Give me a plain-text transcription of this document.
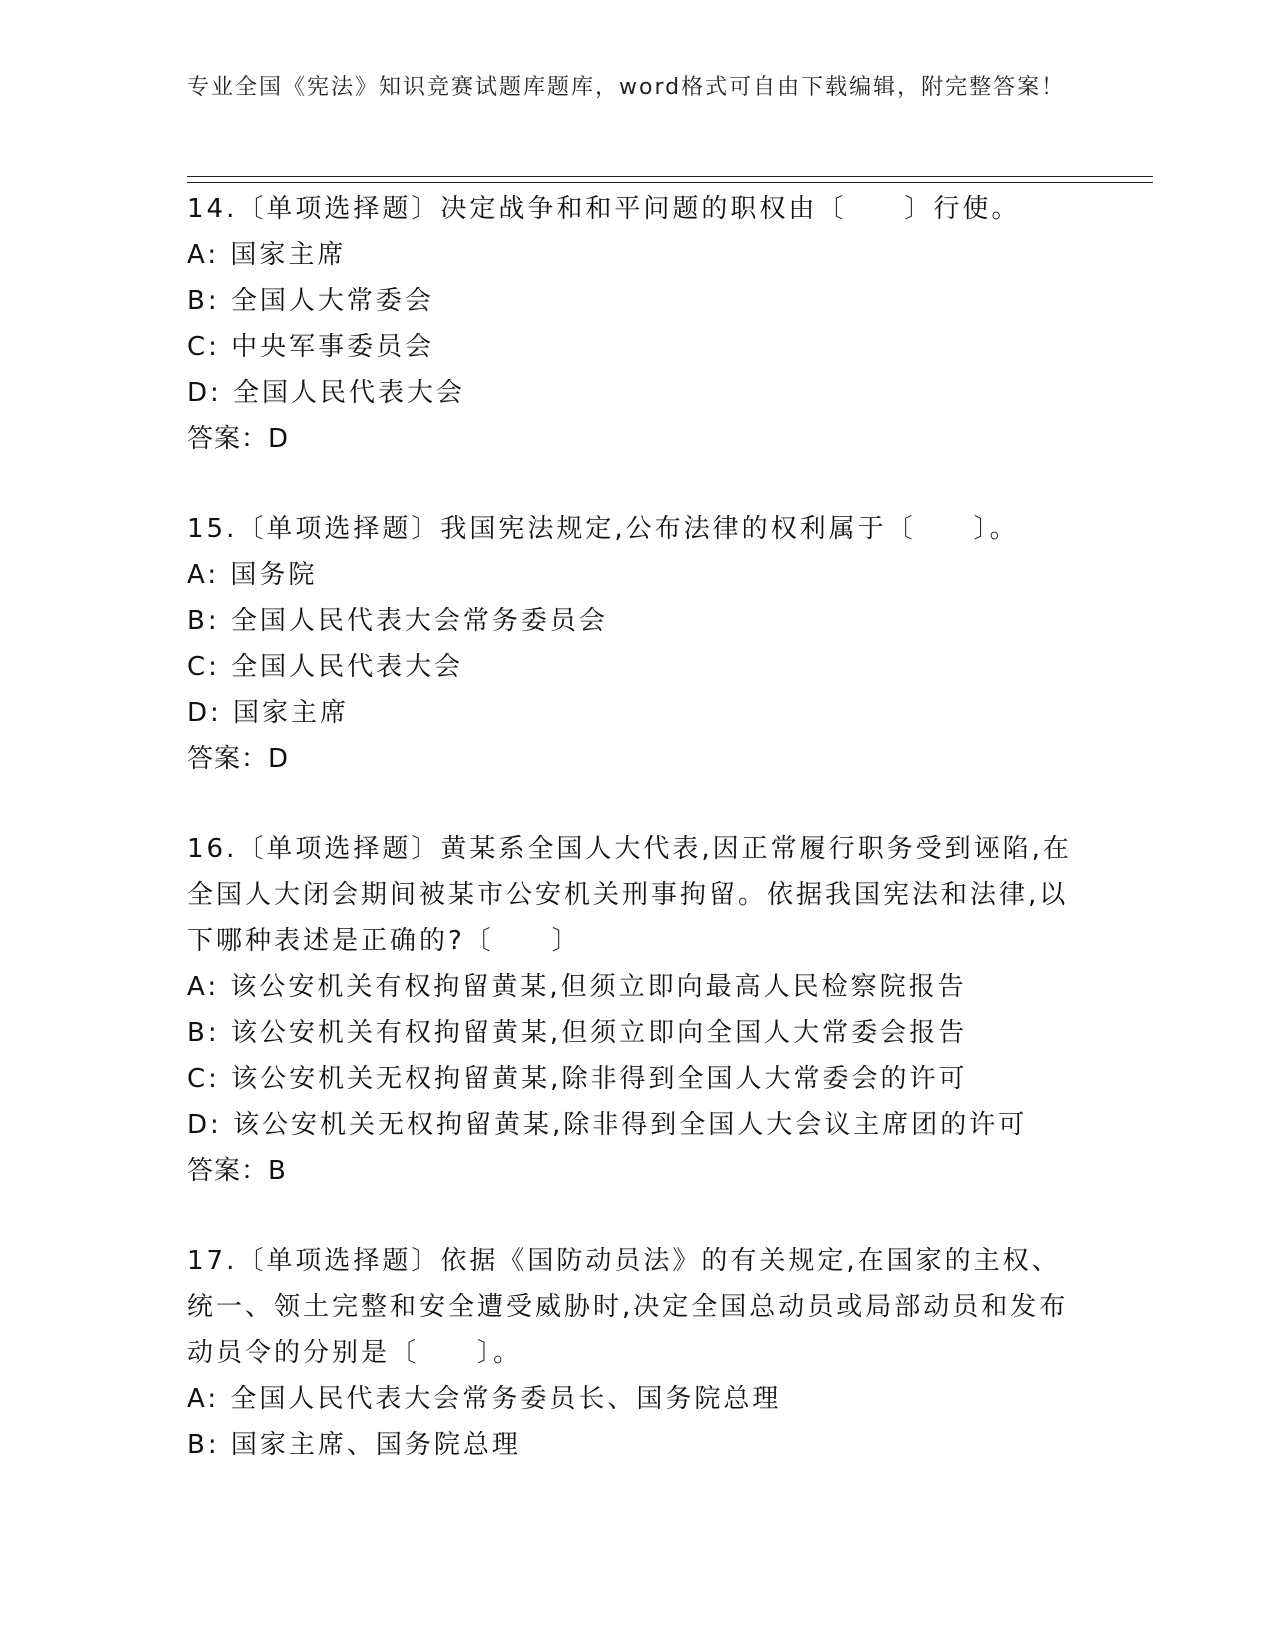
专业全国《宪法》知识竞赛试题库题库，word格式可自由下载编辑，附完整答案！

14.〔单项选择题〕决定战争和和平问题的职权由〔　　〕行使。

A: 国家主席

B: 全国人大常委会

C: 中央军事委员会

D: 全国人民代表大会

答案：D

15.〔单项选择题〕我国宪法规定,公布法律的权利属于〔　　〕。

A: 国务院

B: 全国人民代表大会常务委员会

C: 全国人民代表大会

D: 国家主席

答案：D

16.〔单项选择题〕黄某系全国人大代表,因正常履行职务受到诬陷,在全国人大闭会期间被某市公安机关刑事拘留。依据我国宪法和法律,以下哪种表述是正确的?〔　　〕

A: 该公安机关有权拘留黄某,但须立即向最高人民检察院报告

B: 该公安机关有权拘留黄某,但须立即向全国人大常委会报告

C: 该公安机关无权拘留黄某,除非得到全国人大常委会的许可

D: 该公安机关无权拘留黄某,除非得到全国人大会议主席团的许可

答案：B

17.〔单项选择题〕依据《国防动员法》的有关规定,在国家的主权、统一、领土完整和安全遭受威胁时,决定全国总动员或局部动员和发布动员令的分别是〔　　〕。

A: 全国人民代表大会常务委员长、国务院总理

B: 国家主席、国务院总理
